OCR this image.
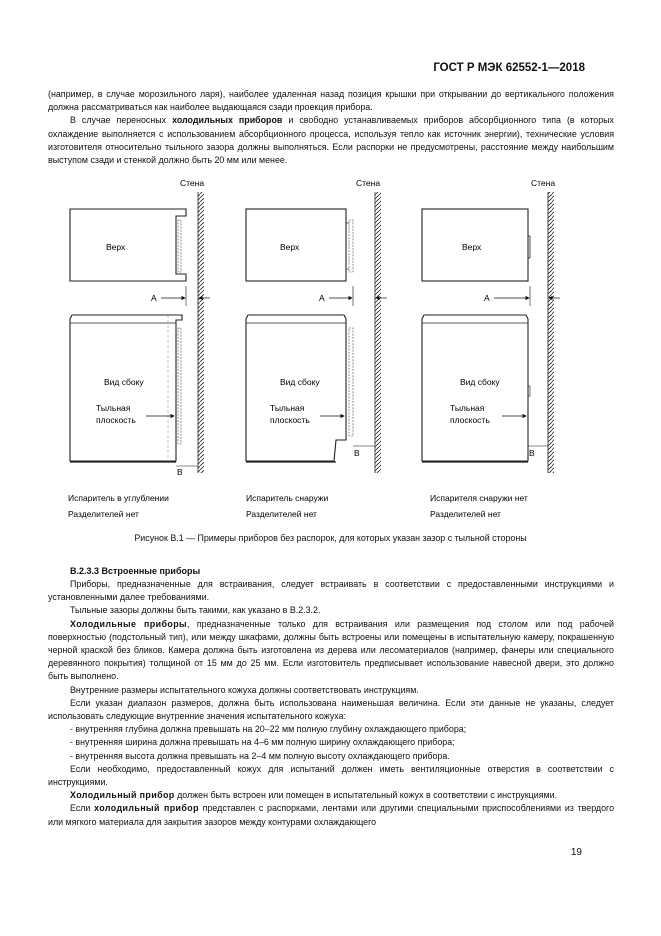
ГОСТ Р МЭК 62552-1—2018

(например, в случае морозильного ларя), наиболее удаленная назад позиция крышки при открывании до вертикального положения должна рассматриваться как наиболее выдающаяся сзади проекция прибора.

В случае переносных холодильных приборов и свободно устанавливаемых приборов абсорбционного типа (в которых охлаждение выполняется с использованием абсорбционного процесса, используя тепло как источник энергии), технические условия изготовителя относительно тыльного зазора должны выполняться. Если распорки не предусмотрены, расстояние между наибольшим выступом сзади и стенкой должно быть 20 мм или менее.

Стена
Верх
A
Вид сбоку
Тыльная
плоскость
B
Испаритель в углублении
Разделителей нет
Стена
Верх
A
Вид сбоку
Тыльная
плоскость
B
Испаритель снаружи
Разделителей нет
Стена
Верх
A
Вид сбоку
Тыльная
плоскость
B
Испарителя снаружи нет
Разделителей нет
Рисунок В.1 — Примеры приборов без распорок, для которых указан зазор с тыльной стороны
В.2.3.3 Встроенные приборы

Приборы, предназначенные для встраивания, следует встраивать в соответствии с предоставленными инструкциями и установленными далее требованиями.

Тыльные зазоры должны быть такими, как указано в В.2.3.2.

Холодильные приборы, предназначенные только для встраивания или размещения под столом или под рабочей поверхностью (подстольный тип), или между шкафами, должны быть встроены или помещены в испытательную камеру, покрашенную черной краской без бликов. Камера должна быть изготовлена из дерева или лесоматериалов (например, фанеры или специального деревянного покрытия) толщиной от 15 мм до 25 мм. Если изготовитель предписывает использование навесной двери, это должно быть выполнено.

Внутренние размеры испытательного кожуха должны соответствовать инструкциям.

Если указан диапазон размеров, должна быть использована наименьшая величина. Если эти данные не указаны, следует использовать следующие внутренние значения испытательного кожуха:

- внутренняя глубина должна превышать на 20–22 мм полную глубину охлаждающего прибора;

- внутренняя ширина должна превышать на 4–6 мм полную ширину охлаждающего прибора;

- внутренняя высота должна превышать на 2–4 мм полную высоту охлаждающего прибора.

Если необходимо, предоставленный кожух для испытаний должен иметь вентиляционные отверстия в соответствии с инструкциями.

Холодильный прибор должен быть встроен или помещен в испытательный кожух в соответствии с инструкциями.

Если холодильный прибор представлен с распорками, лентами или другими специальными приспособлениями из твердого или мягкого материала для закрытия зазоров между контурами охлаждающего

19
